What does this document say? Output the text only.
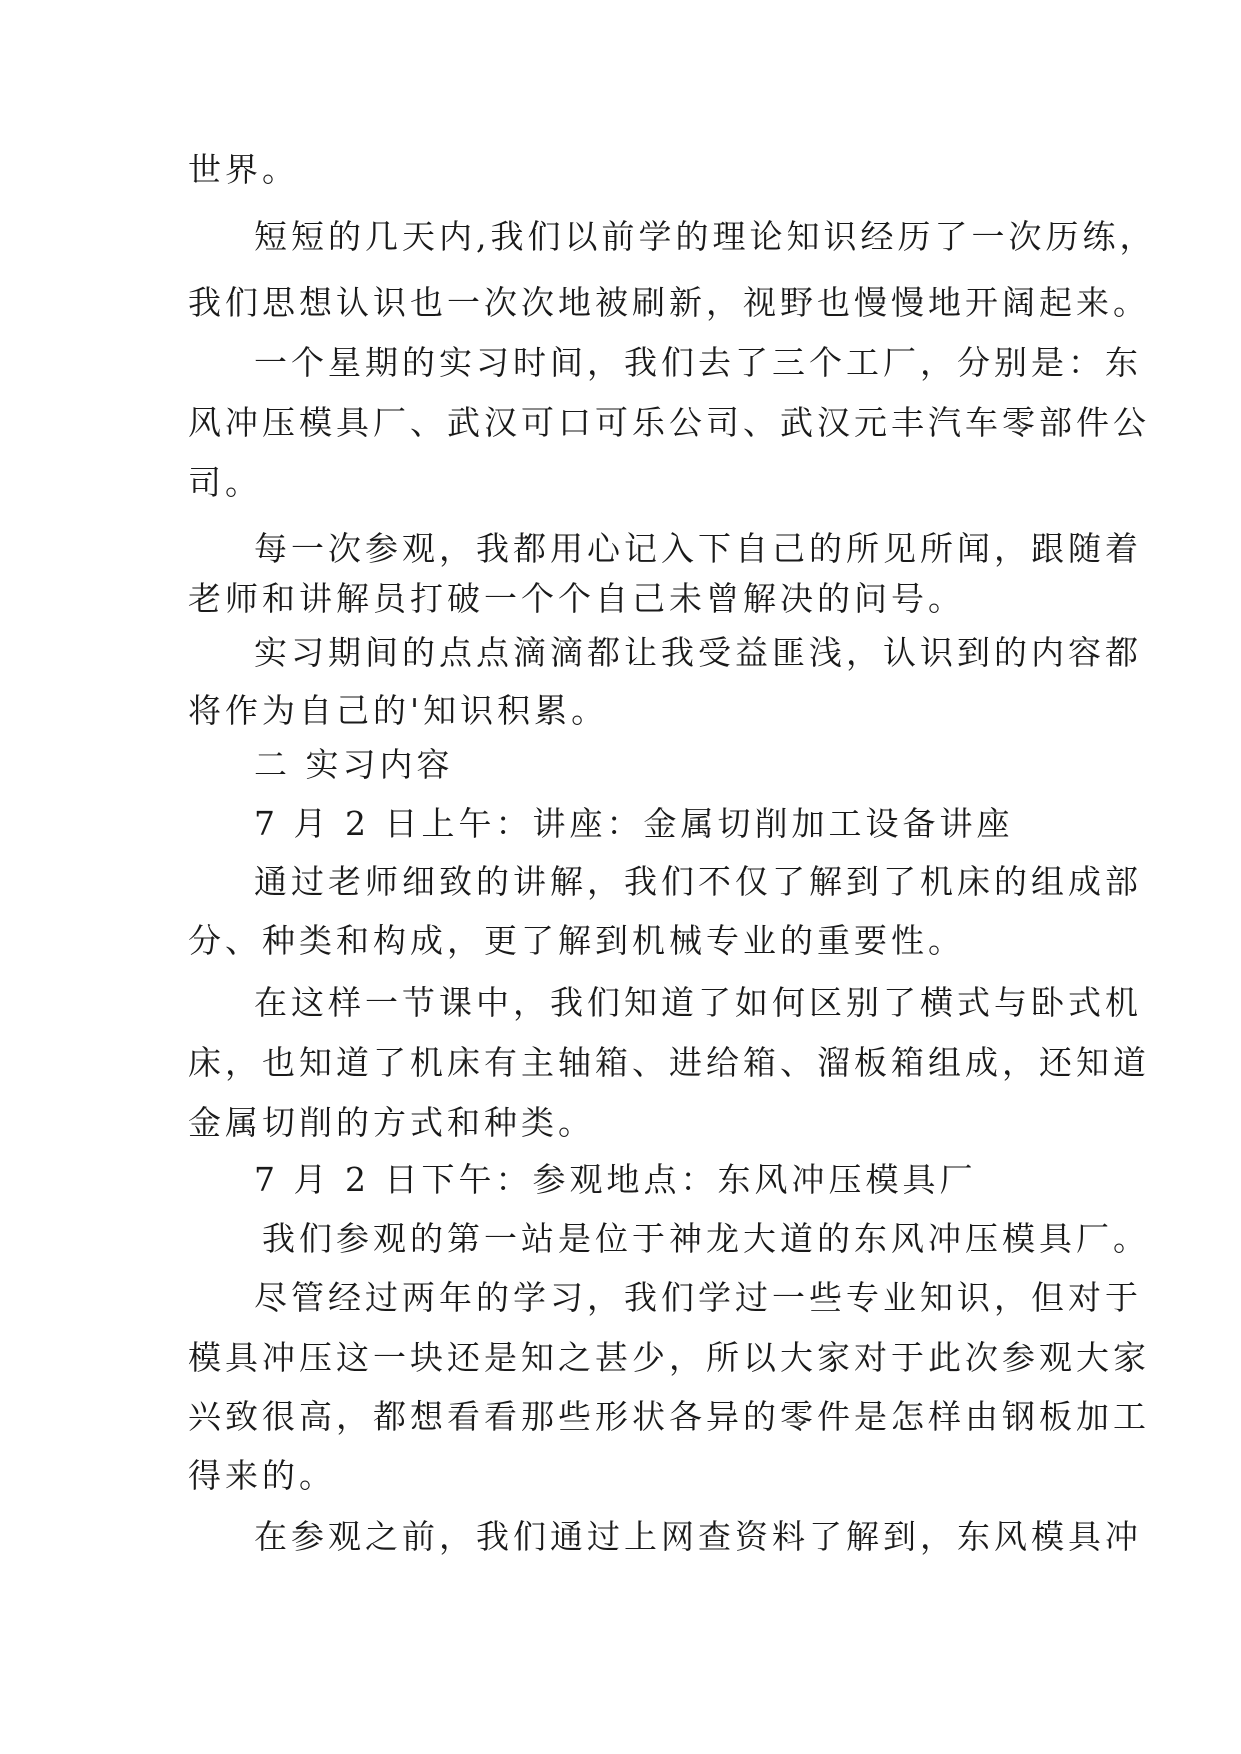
世界。
短短的几天内,我们以前学的理论知识经历了一次历练，
我们思想认识也一次次地被刷新，视野也慢慢地开阔起来。
一个星期的实习时间，我们去了三个工厂，分别是：东
风冲压模具厂、武汉可口可乐公司、武汉元丰汽车零部件公
司。
每一次参观，我都用心记入下自己的所见所闻，跟随着
老师和讲解员打破一个个自己未曾解决的问号。
实习期间的点点滴滴都让我受益匪浅，认识到的内容都
将作为自己的'知识积累。
二 实习内容
7 月 2 日上午：讲座：金属切削加工设备讲座
通过老师细致的讲解，我们不仅了解到了机床的组成部
分、种类和构成，更了解到机械专业的重要性。
在这样一节课中，我们知道了如何区别了横式与卧式机
床，也知道了机床有主轴箱、进给箱、溜板箱组成，还知道
金属切削的方式和种类。
7 月 2 日下午：参观地点：东风冲压模具厂
我们参观的第一站是位于神龙大道的东风冲压模具厂。
尽管经过两年的学习，我们学过一些专业知识，但对于
模具冲压这一块还是知之甚少，所以大家对于此次参观大家
兴致很高，都想看看那些形状各异的零件是怎样由钢板加工
得来的。
在参观之前，我们通过上网查资料了解到，东风模具冲
